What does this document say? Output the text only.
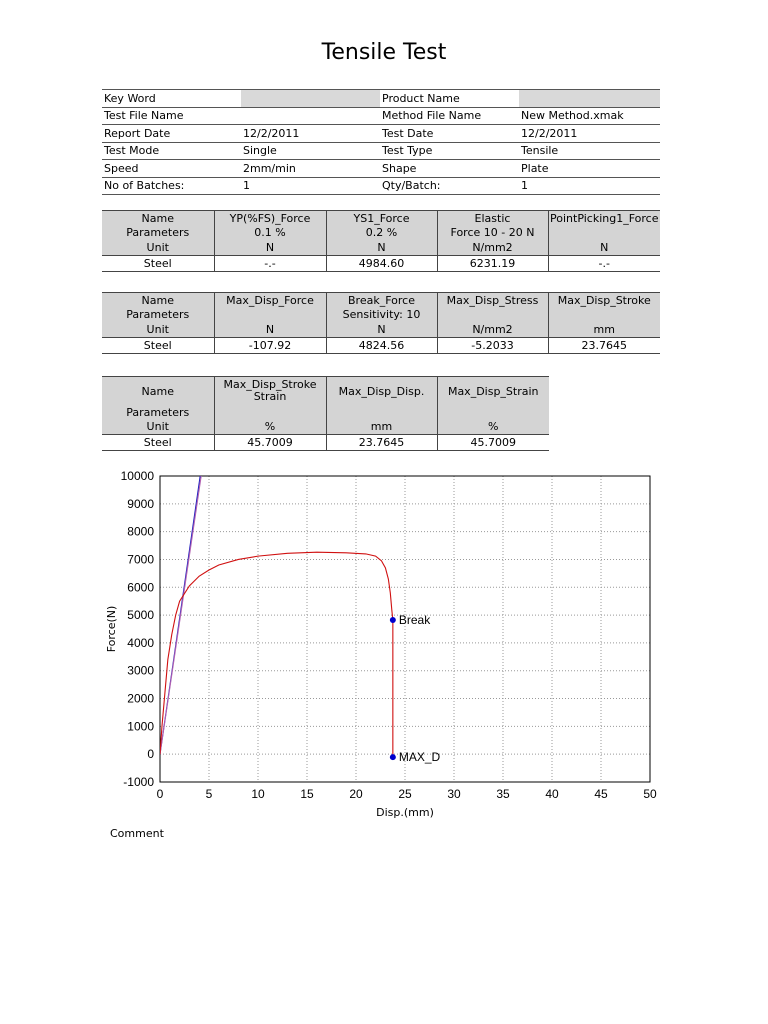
Tensile Test
Key Word		Product Name	
Test File Name		Method File Name	New Method.xmak
Report Date	12/2/2011	Test Date	12/2/2011
Test Mode	Single	Test Type	Tensile
Speed	2mm/min	Shape	Plate
No of Batches:	1	Qty/Batch:	1
Name	YP(%FS)_Force	YS1_Force	Elastic	PointPicking1_Force
Parameters	0.1 %	0.2 %	Force 10 - 20 N	
Unit	N	N	N/mm2	N
Steel	-.-	4984.60	6231.19	-.-
Name	Max_Disp_Force	Break_Force	Max_Disp_Stress	Max_Disp_Stroke
Parameters		Sensitivity: 10		
Unit	N	N	N/mm2	mm
Steel	-107.92	4824.56	-5.2033	23.7645
Name	Max_Disp_Stroke Strain	Max_Disp_Disp.	Max_Disp_Strain
Parameters			
Unit	%	mm	%
Steel	45.7009	23.7645	45.7009
0	5	10	15	20	25	30	35	40	45	50
10000
9000
8000
7000
6000
5000
4000
3000
2000
1000
0
-1000
Disp.(mm)
Force(N)	Break
MAX_D
Comment
